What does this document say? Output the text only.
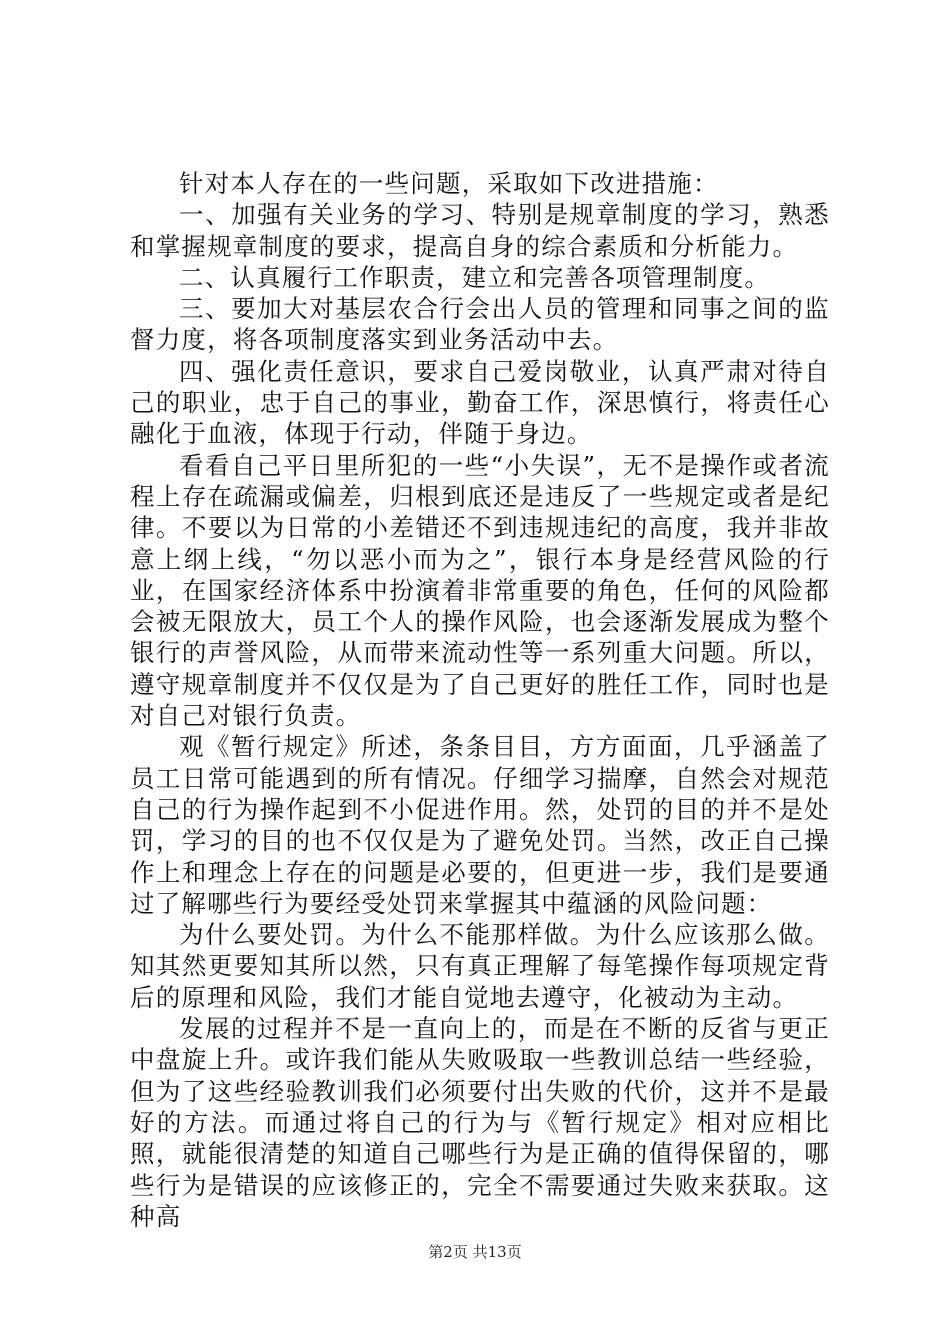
针对本人存在的一些问题，采取如下改进措施：

一、加强有关业务的学习、特别是规章制度的学习，熟悉和掌握规章制度的要求，提高自身的综合素质和分析能力。

二、认真履行工作职责，建立和完善各项管理制度。

三、要加大对基层农合行会出人员的管理和同事之间的监督力度，将各项制度落实到业务活动中去。

四、强化责任意识，要求自己爱岗敬业，认真严肃对待自己的职业，忠于自己的事业，勤奋工作，深思慎行，将责任心融化于血液，体现于行动，伴随于身边。

看看自己平日里所犯的一些“小失误”，无不是操作或者流程上存在疏漏或偏差，归根到底还是违反了一些规定或者是纪律。不要以为日常的小差错还不到违规违纪的高度，我并非故意上纲上线，“勿以恶小而为之”，银行本身是经营风险的行业，在国家经济体系中扮演着非常重要的角色，任何的风险都会被无限放大，员工个人的操作风险，也会逐渐发展成为整个银行的声誉风险，从而带来流动性等一系列重大问题。所以，遵守规章制度并不仅仅是为了自己更好的胜任工作，同时也是对自己对银行负责。

观《暂行规定》所述，条条目目，方方面面，几乎涵盖了员工日常可能遇到的所有情况。仔细学习揣摩，自然会对规范自己的行为操作起到不小促进作用。然，处罚的目的并不是处罚，学习的目的也不仅仅是为了避免处罚。当然，改正自己操作上和理念上存在的问题是必要的，但更进一步，我们是要通过了解哪些行为要经受处罚来掌握其中蕴涵的风险问题：

为什么要处罚。为什么不能那样做。为什么应该那么做。知其然更要知其所以然，只有真正理解了每笔操作每项规定背后的原理和风险，我们才能自觉地去遵守，化被动为主动。

发展的过程并不是一直向上的，而是在不断的反省与更正中盘旋上升。或许我们能从失败吸取一些教训总结一些经验，但为了这些经验教训我们必须要付出失败的代价，这并不是最好的方法。而通过将自己的行为与《暂行规定》相对应相比照，就能很清楚的知道自己哪些行为是正确的值得保留的，哪些行为是错误的应该修正的，完全不需要通过失败来获取。这种高

第2页 共13页
